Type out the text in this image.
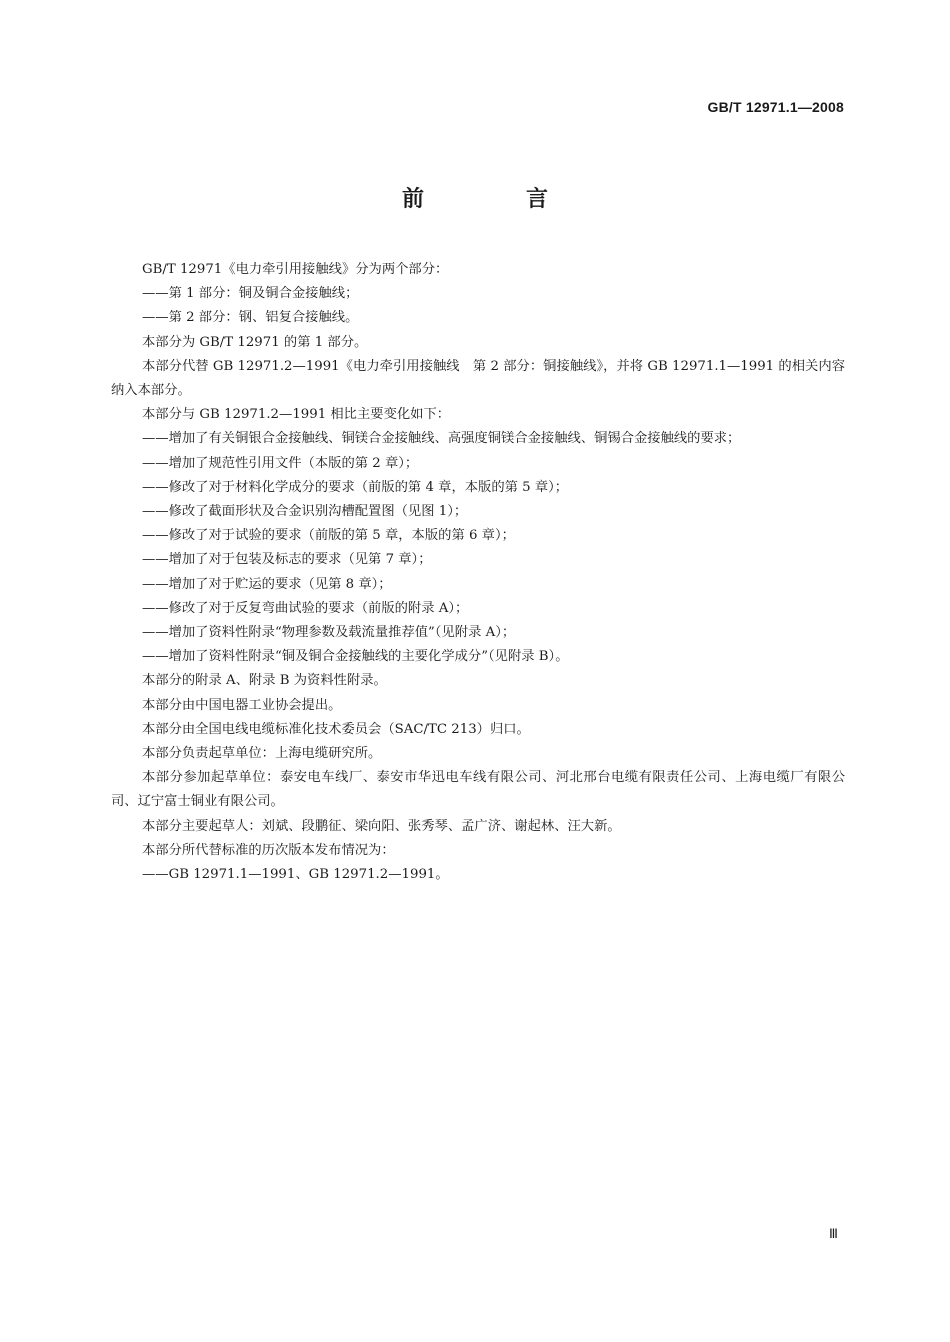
GB/T 12971.1—2008
前　言

GB/T 12971《电力牵引用接触线》分为两个部分：

——第 1 部分：铜及铜合金接触线；

——第 2 部分：钢、铝复合接触线。

本部分为 GB/T 12971 的第 1 部分。

本部分代替 GB 12971.2—1991《电力牵引用接触线　第 2 部分：铜接触线》，并将 GB 12971.1—1991 的相关内容纳入本部分。

本部分与 GB 12971.2—1991 相比主要变化如下：

——增加了有关铜银合金接触线、铜镁合金接触线、高强度铜镁合金接触线、铜锡合金接触线的要求；

——增加了规范性引用文件（本版的第 2 章）；

——修改了对于材料化学成分的要求（前版的第 4 章，本版的第 5 章）；

——修改了截面形状及合金识别沟槽配置图（见图 1）；

——修改了对于试验的要求（前版的第 5 章，本版的第 6 章）；

——增加了对于包装及标志的要求（见第 7 章）；

——增加了对于贮运的要求（见第 8 章）；

——修改了对于反复弯曲试验的要求（前版的附录 A）；

——增加了资料性附录“物理参数及载流量推荐值”（见附录 A）；

——增加了资料性附录“铜及铜合金接触线的主要化学成分”（见附录 B）。

本部分的附录 A、附录 B 为资料性附录。

本部分由中国电器工业协会提出。

本部分由全国电线电缆标准化技术委员会（SAC/TC 213）归口。

本部分负责起草单位：上海电缆研究所。

本部分参加起草单位：泰安电车线厂、泰安市华迅电车线有限公司、河北邢台电缆有限责任公司、上海电缆厂有限公司、辽宁富士铜业有限公司。

本部分主要起草人：刘斌、段鹏征、梁向阳、张秀琴、孟广济、谢起林、汪大新。

本部分所代替标准的历次版本发布情况为：

——GB 12971.1—1991、GB 12971.2—1991。

Ⅲ
